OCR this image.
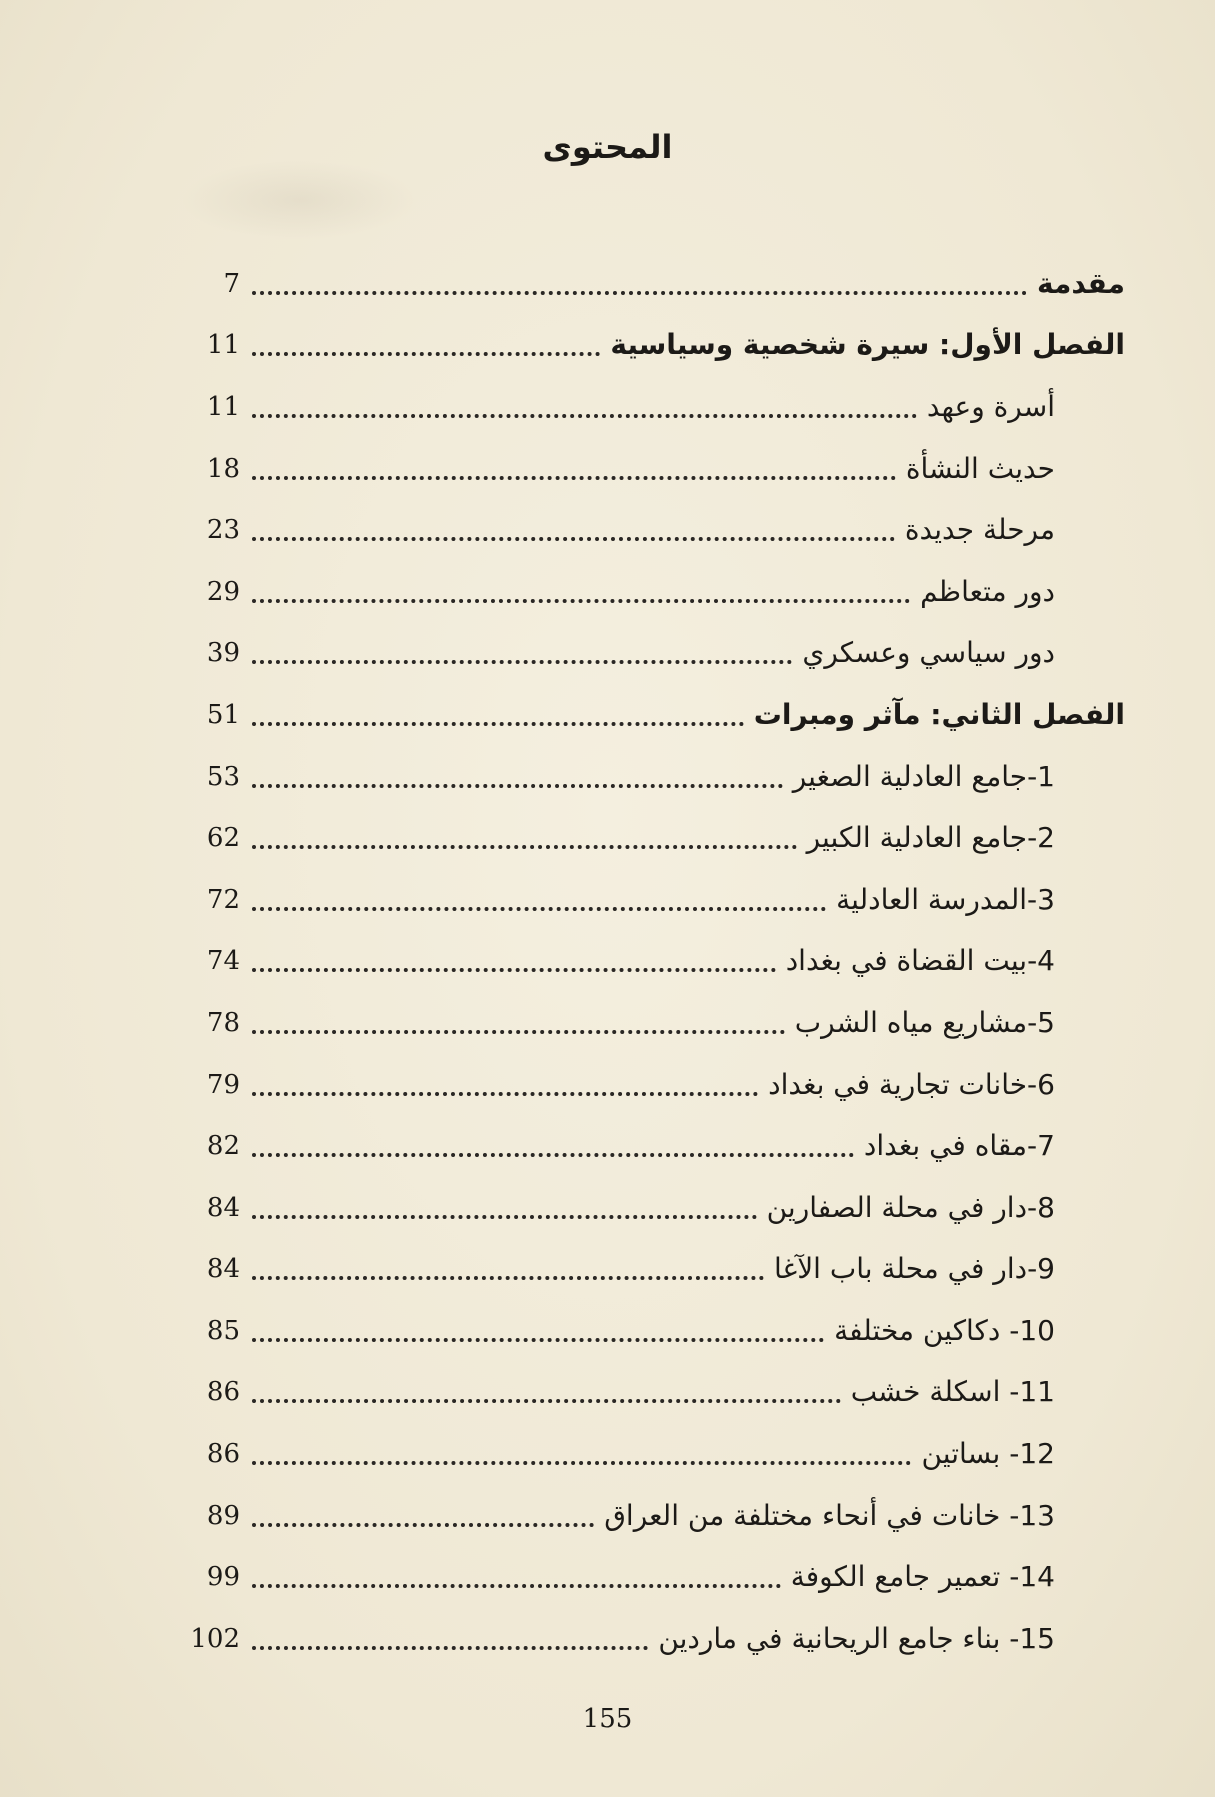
المحتوى
مقدمة
7
الفصل الأول: سيرة شخصية وسياسية
11
أسرة وعهد
11
حديث النشأة
18
مرحلة جديدة
23
دور متعاظم
29
دور سياسي وعسكري
39
الفصل الثاني: مآثر ومبرات
51
1-جامع العادلية الصغير
53
2-جامع العادلية الكبير
62
3-المدرسة العادلية
72
4-بيت القضاة في بغداد
74
5-مشاريع مياه الشرب
78
6-خانات تجارية في بغداد
79
7-مقاه في بغداد
82
8-دار في محلة الصفارين
84
9-دار في محلة باب الآغا
84
10- دكاكين مختلفة
85
11- اسكلة خشب
86
12- بساتين
86
13- خانات في أنحاء مختلفة من العراق
89
14- تعمير جامع الكوفة
99
15- بناء جامع الريحانية في ماردين
102
155
